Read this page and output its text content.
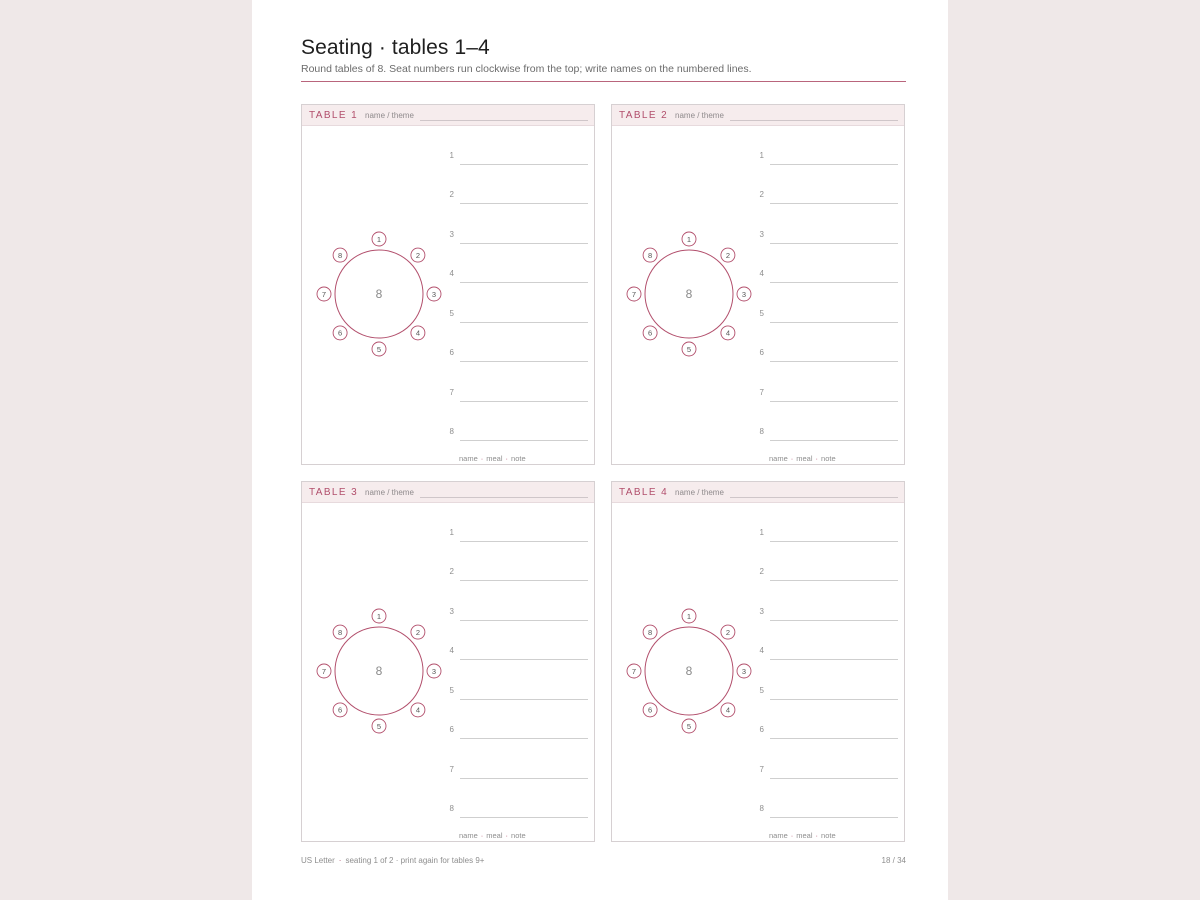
Seating · tables 1–4
Round tables of 8. Seat numbers run clockwise from the top; write names on the numbered lines.
TABLE 1 name / theme
8
1
2
3
4
5
6
7
8
1
2
3
4
5
6
7
8
name · meal · note
TABLE 2 name / theme
8
1
2
3
4
5
6
7
8
1
2
3
4
5
6
7
8
name · meal · note
TABLE 3 name / theme
8
1
2
3
4
5
6
7
8
1
2
3
4
5
6
7
8
name · meal · note
TABLE 4 name / theme
8
1
2
3
4
5
6
7
8
1
2
3
4
5
6
7
8
name · meal · note
US Letter · seating 1 of 2 · print again for tables 9+	18 / 34
